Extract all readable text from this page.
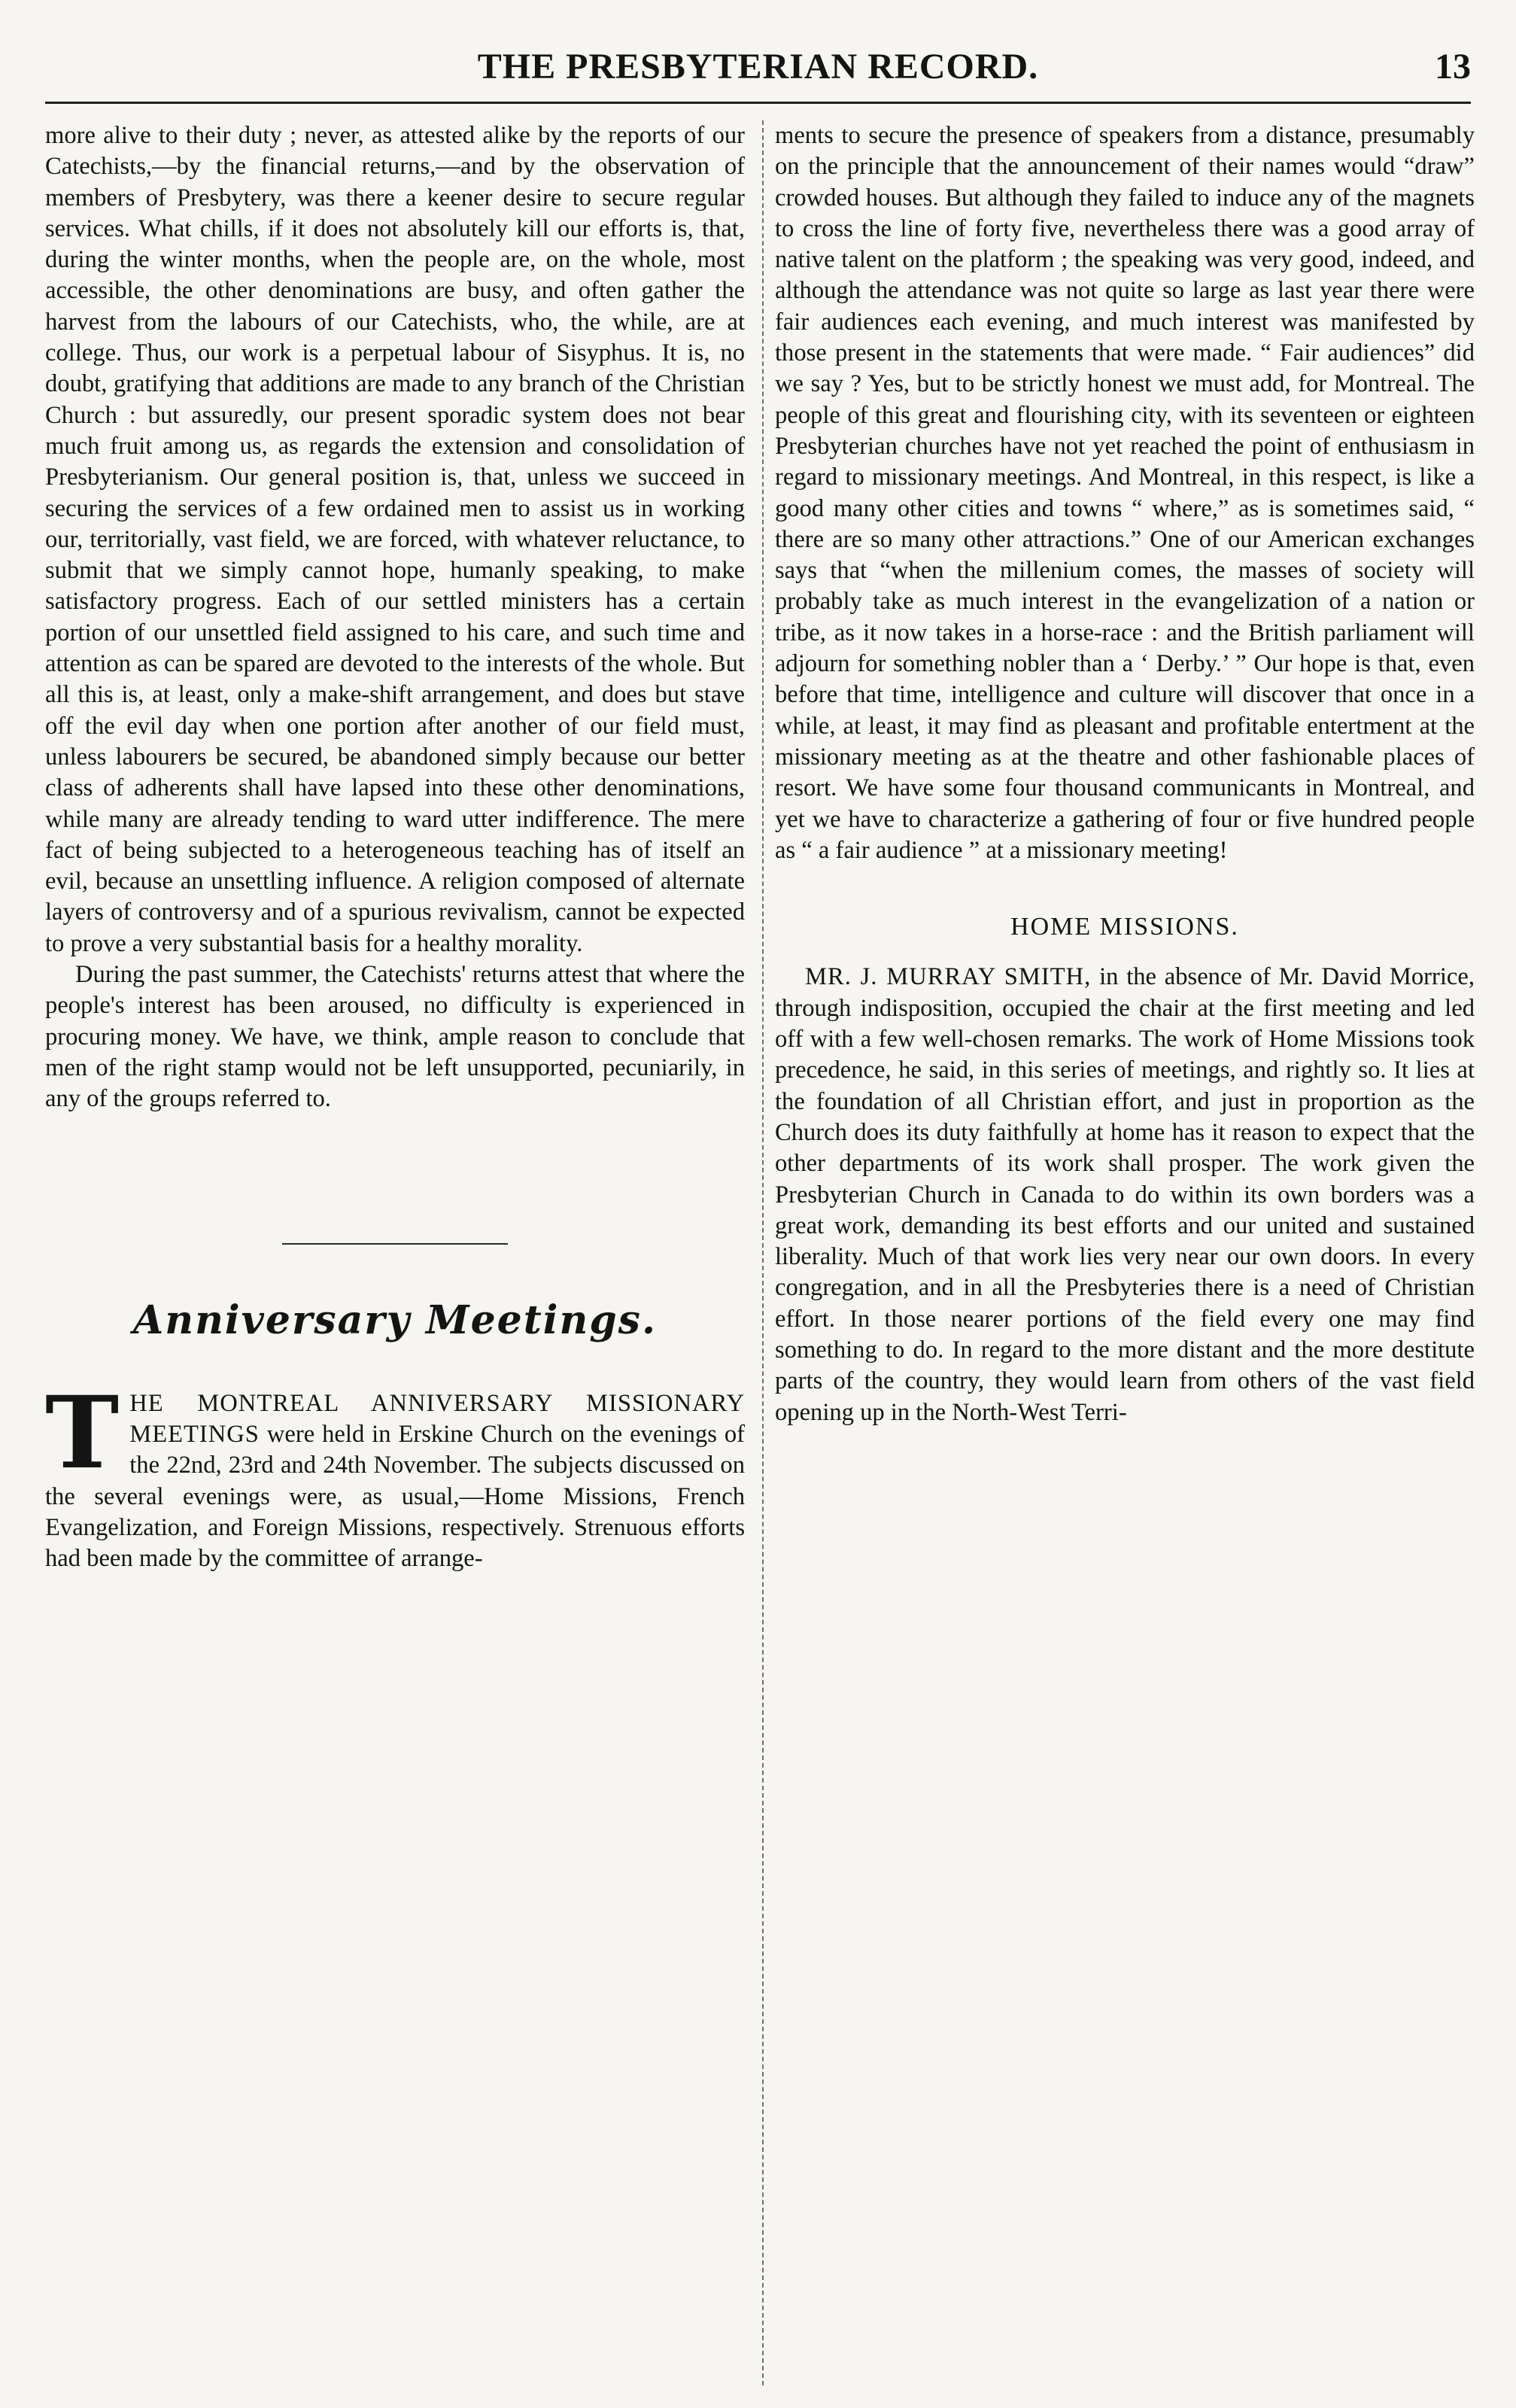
THE PRESBYTERIAN RECORD.	13

more alive to their duty ; never, as attested alike by the reports of our Catechists,—by the financial returns,—and by the observation of members of Presbytery, was there a keener desire to secure regular services. What chills, if it does not absolutely kill our efforts is, that, during the winter months, when the people are, on the whole, most accessible, the other denominations are busy, and often gather the harvest from the labours of our Catechists, who, the while, are at college. Thus, our work is a perpetual labour of Sisyphus. It is, no doubt, gratifying that additions are made to any branch of the Christian Church : but assuredly, our present sporadic system does not bear much fruit among us, as regards the extension and consolidation of Presbyterianism. Our general position is, that, unless we succeed in securing the services of a few ordained men to assist us in working our, territorially, vast field, we are forced, with whatever reluctance, to submit that we simply cannot hope, humanly speaking, to make satisfactory progress. Each of our settled ministers has a certain portion of our unsettled field assigned to his care, and such time and attention as can be spared are devoted to the interests of the whole. But all this is, at least, only a make-shift arrangement, and does but stave off the evil day when one portion after another of our field must, unless labourers be secured, be abandoned simply because our better class of adherents shall have lapsed into these other denominations, while many are already tending to ward utter indifference. The mere fact of being subjected to a heterogeneous teaching has of itself an evil, because an unsettling influence. A religion composed of alternate layers of controversy and of a spurious revivalism, cannot be expected to prove a very substantial basis for a healthy morality.

During the past summer, the Catechists' returns attest that where the people's interest has been aroused, no difficulty is experienced in procuring money. We have, we think, ample reason to conclude that men of the right stamp would not be left unsupported, pecuniarily, in any of the groups referred to.

Anniversary Meetings.

THE MONTREAL ANNIVERSARY MISSIONARY MEETINGS were held in Erskine Church on the evenings of the 22nd, 23rd and 24th November. The subjects discussed on the several evenings were, as usual,—Home Missions, French Evangelization, and Foreign Missions, respectively. Strenuous efforts had been made by the committee of arrange-

ments to secure the presence of speakers from a distance, presumably on the principle that the announcement of their names would “draw” crowded houses. But although they failed to induce any of the magnets to cross the line of forty five, nevertheless there was a good array of native talent on the platform ; the speaking was very good, indeed, and although the attendance was not quite so large as last year there were fair audiences each evening, and much interest was manifested by those present in the statements that were made. “ Fair audiences” did we say ? Yes, but to be strictly honest we must add, for Montreal. The people of this great and flourishing city, with its seventeen or eighteen Presbyterian churches have not yet reached the point of enthusiasm in regard to missionary meetings. And Montreal, in this respect, is like a good many other cities and towns “ where,” as is sometimes said, “ there are so many other attractions.” One of our American exchanges says that “when the millenium comes, the masses of society will probably take as much interest in the evangelization of a nation or tribe, as it now takes in a horse-race : and the British parliament will adjourn for something nobler than a ‘ Derby.’ ” Our hope is that, even before that time, intelligence and culture will discover that once in a while, at least, it may find as pleasant and profitable entertment at the missionary meeting as at the theatre and other fashionable places of resort. We have some four thousand communicants in Montreal, and yet we have to characterize a gathering of four or five hundred people as “ a fair audience ” at a missionary meeting!

HOME MISSIONS.

MR. J. MURRAY SMITH, in the absence of Mr. David Morrice, through indisposition, occupied the chair at the first meeting and led off with a few well-chosen remarks. The work of Home Missions took precedence, he said, in this series of meetings, and rightly so. It lies at the foundation of all Christian effort, and just in proportion as the Church does its duty faithfully at home has it reason to expect that the other departments of its work shall prosper. The work given the Presbyterian Church in Canada to do within its own borders was a great work, demanding its best efforts and our united and sustained liberality. Much of that work lies very near our own doors. In every congregation, and in all the Presbyteries there is a need of Christian effort. In those nearer portions of the field every one may find something to do. In regard to the more distant and the more destitute parts of the country, they would learn from others of the vast field opening up in the North-West Terri-
